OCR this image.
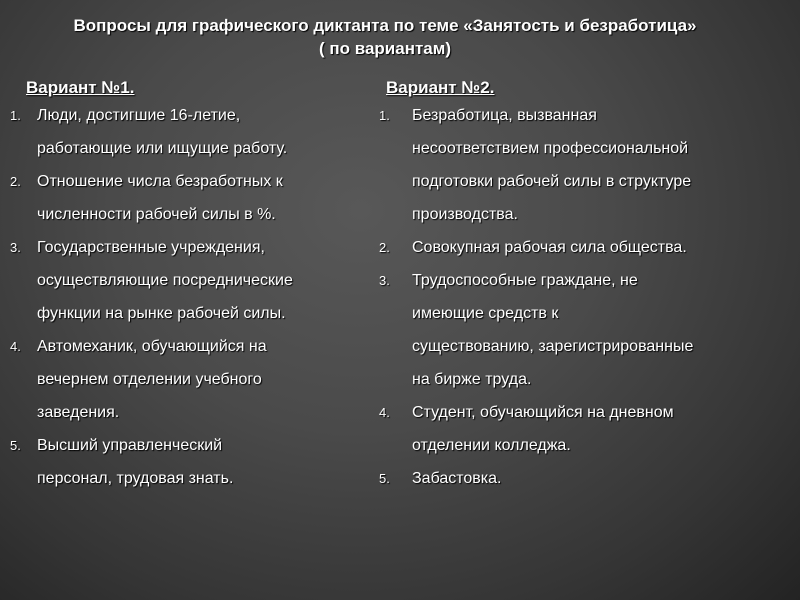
Вопросы для графического диктанта по теме «Занятость и безработица»
( по вариантам)
Вариант №1.	Вариант №2.
1.	Люди, достигшие 16-летие,
работающие или ищущие работу.
2.	Отношение числа безработных к
численности рабочей силы в %.
3.	Государственные учреждения,
осуществляющие посреднические
функции на рынке рабочей силы.
4.	Автомеханик, обучающийся на
вечернем отделении учебного
заведения.
5.	Высший управленческий
персонал, трудовая знать.
1.	Безработица, вызванная
несоответствием профессиональной
подготовки рабочей силы в структуре
производства.
2.	Совокупная рабочая сила общества.
3.	Трудоспособные граждане, не
имеющие средств к
существованию, зарегистрированные
на бирже труда.
4.	Студент, обучающийся на дневном
отделении колледжа.
5.	Забастовка.
